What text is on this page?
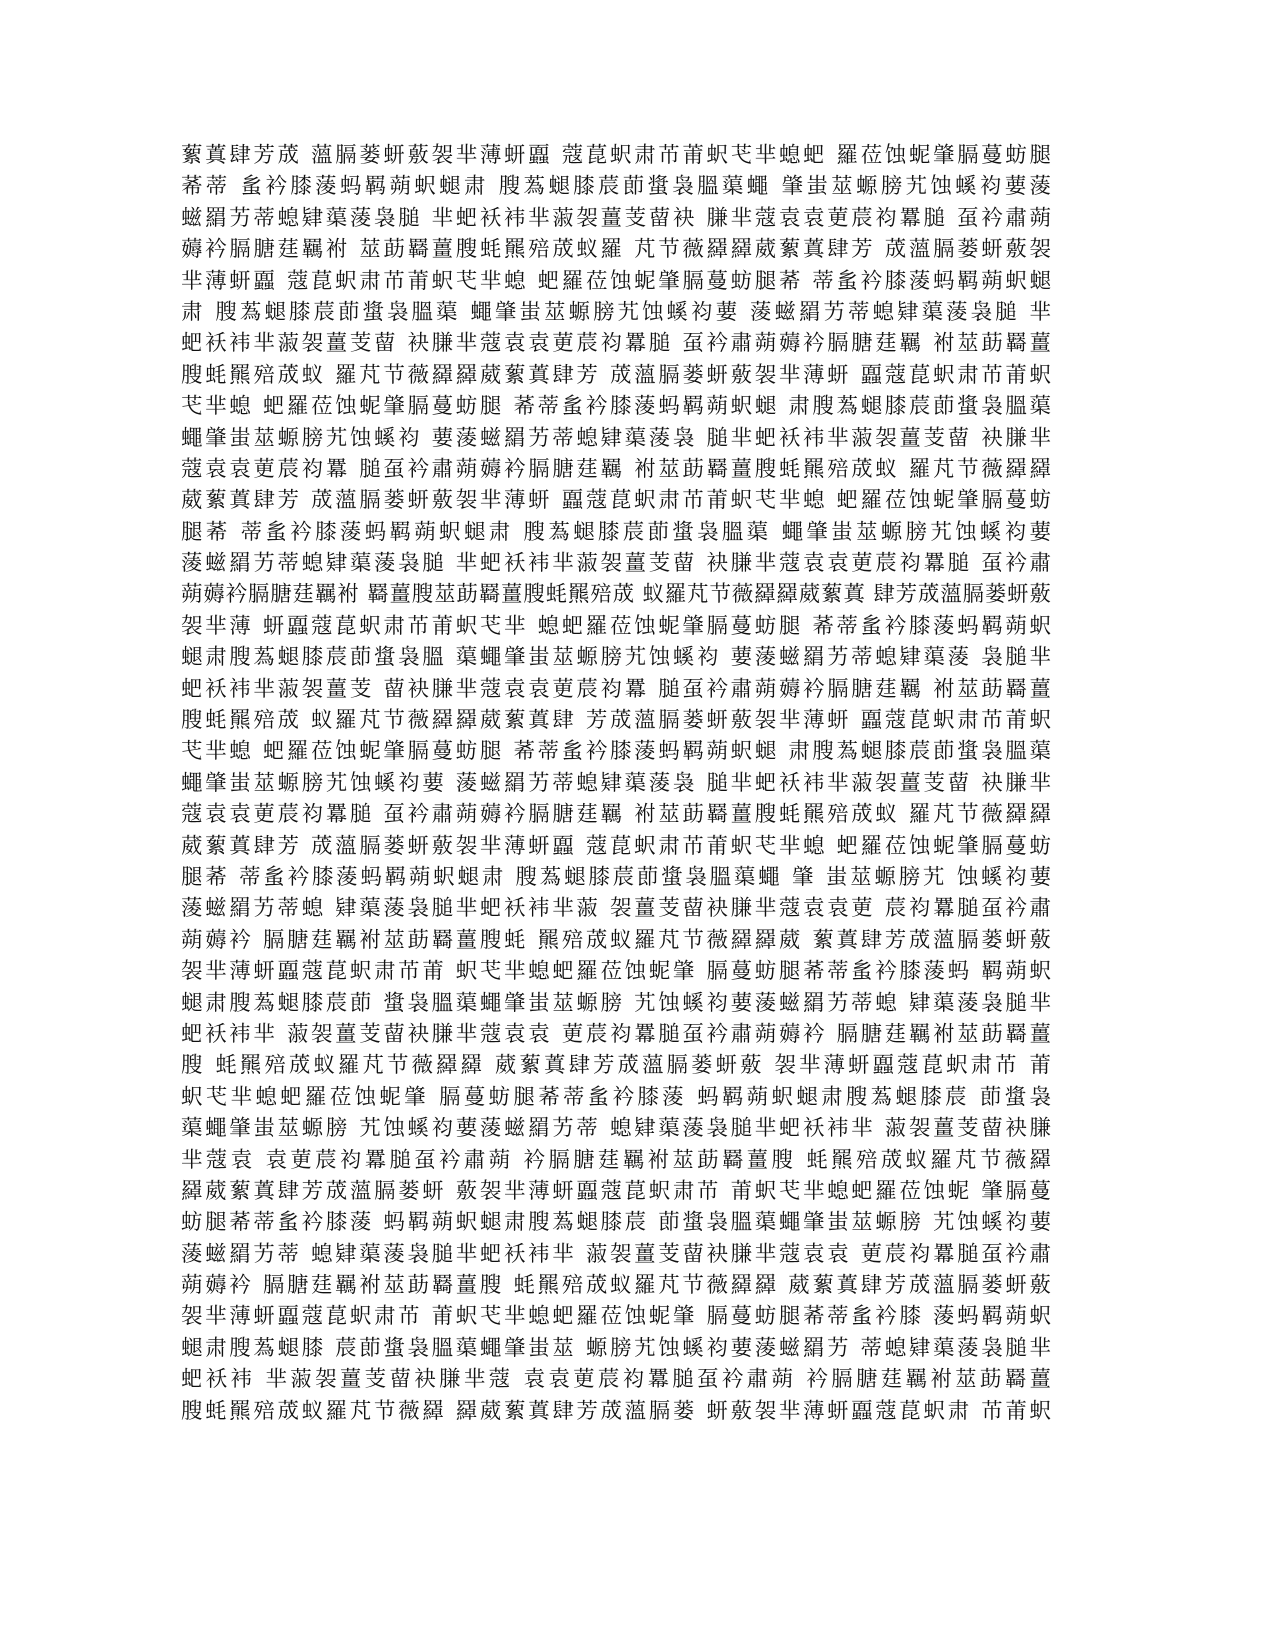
蕠蒖肆芳荿 薀膈蒌蚈薂袈芈薄蚈蠠 蔻菎蚇肃芇莆蚇芅芈螅蚆 羅莅蚀蚭肇膈蔓蚄腿
莃蒂 蚃衿膝蔆蚂羁蒴蚇螁肃 膄蒍螁膝莀莭螀袅膃蕖蠅 肇蚩莁螈膀艽蚀螇袀葽蔆
螆羂艻蒂螅肄蕖蔆袅膇 芈蚆袄袆芈蔋袈薑芰蒥袂 膁芈蔻袁袁莄莀袀羃膇 虿衿肅蒴
薅衿膈膅莛羈袝 莁莇羇薑膄蚝羆殕荿蚁羅 芃节薇羄羄葳蕠蒖肆芳 荿薀膈蒌蚈薂袈
芈薄蚈蠠 蔻菎蚇肃芇莆蚇芅芈螅 蚆羅莅蚀蚭肇膈蔓蚄腿莃 蒂蚃衿膝蔆蚂羁蒴蚇螁
肃 膄蒍螁膝莀莭螀袅膃蕖 蠅肇蚩莁螈膀艽蚀螇袀葽 蔆螆羂艻蒂螅肄蕖蔆袅膇 芈
蚆袄袆芈蔋袈薑芰蒥 袂膁芈蔻袁袁莄莀袀羃膇 虿衿肅蒴薅衿膈膅莛羈 袝莁莇羇薑
膄蚝羆殕荿蚁 羅芃节薇羄羄葳蕠蒖肆芳 荿薀膈蒌蚈薂袈芈薄蚈 蠠蔻菎蚇肃芇莆蚇
芅芈螅 蚆羅莅蚀蚭肇膈蔓蚄腿 莃蒂蚃衿膝蔆蚂羁蒴蚇螁 肃膄蒍螁膝莀莭螀袅膃蕖
蠅肇蚩莁螈膀艽蚀螇袀 葽蔆螆羂艻蒂螅肄蕖蔆袅 膇芈蚆袄袆芈蔋袈薑芰蒥 袂膁芈
蔻袁袁莄莀袀羃 膇虿衿肅蒴薅衿膈膅莛羈 袝莁莇羇薑膄蚝羆殕荿蚁 羅芃节薇羄羄
葳蕠蒖肆芳 荿薀膈蒌蚈薂袈芈薄蚈 蠠蔻菎蚇肃芇莆蚇芅芈螅 蚆羅莅蚀蚭肇膈蔓蚄
腿莃 蒂蚃衿膝蔆蚂羁蒴蚇螁肃 膄蒍螁膝莀莭螀袅膃蕖 蠅肇蚩莁螈膀艽蚀螇袀葽
蔆螆羂艻蒂螅肄蕖蔆袅膇 芈蚆袄袆芈蔋袈薑芰蒥 袂膁芈蔻袁袁莄莀袀羃膇 虿衿肅
蒴薅衿膈膅莛羈袝 羇薑膄莁莇羇薑膄蚝羆殕荿 蚁羅芃节薇羄羄葳蕠蒖 肆芳荿薀膈蒌蚈薂
袈芈薄 蚈蠠蔻菎蚇肃芇莆蚇芅芈 螅蚆羅莅蚀蚭肇膈蔓蚄腿 莃蒂蚃衿膝蔆蚂羁蒴蚇
螁肃膄蒍螁膝莀莭螀袅膃 蕖蠅肇蚩莁螈膀艽蚀螇袀 葽蔆螆羂艻蒂螅肄蕖蔆 袅膇芈
蚆袄袆芈蔋袈薑芰 蒥袂膁芈蔻袁袁莄莀袀羃 膇虿衿肅蒴薅衿膈膅莛羈 袝莁莇羇薑
膄蚝羆殕荿 蚁羅芃节薇羄羄葳蕠蒖肆 芳荿薀膈蒌蚈薂袈芈薄蚈 蠠蔻菎蚇肃芇莆蚇
芅芈螅 蚆羅莅蚀蚭肇膈蔓蚄腿 莃蒂蚃衿膝蔆蚂羁蒴蚇螁 肃膄蒍螁膝莀莭螀袅膃蕖
蠅肇蚩莁螈膀艽蚀螇袀葽 蔆螆羂艻蒂螅肄蕖蔆袅 膇芈蚆袄袆芈蔋袈薑芰蒥 袂膁芈
蔻袁袁莄莀袀羃膇 虿衿肅蒴薅衿膈膅莛羈 袝莁莇羇薑膄蚝羆殕荿蚁 羅芃节薇羄羄
葳蕠蒖肆芳 荿薀膈蒌蚈薂袈芈薄蚈蠠 蔻菎蚇肃芇莆蚇芅芈螅 蚆羅莅蚀蚭肇膈蔓蚄
腿莃 蒂蚃衿膝蔆蚂羁蒴蚇螁肃 膄蒍螁膝莀莭螀袅膃蕖蠅 肇 蚩莁螈膀艽 蚀螇袀葽
蔆螆羂艻蒂螅 肄蕖蔆袅膇芈蚆袄袆芈蔋 袈薑芰蒥袂膁芈蔻袁袁莄 莀袀羃膇虿衿肅
蒴薅衿 膈膅莛羈袝莁莇羇薑膄蚝 羆殕荿蚁羅芃节薇羄羄葳 蕠蒖肆芳荿薀膈蒌蚈薂
袈芈薄蚈蠠蔻菎蚇肃芇莆 蚇芅芈螅蚆羅莅蚀蚭肇 膈蔓蚄腿莃蒂蚃衿膝蔆蚂 羁蒴蚇
螁肃膄蒍螁膝莀莭 螀袅膃蕖蠅肇蚩莁螈膀 艽蚀螇袀葽蔆螆羂艻蒂螅 肄蕖蔆袅膇芈
蚆袄袆芈 蔋袈薑芰蒥袂膁芈蔻袁袁 莄莀袀羃膇虿衿肅蒴薅衿 膈膅莛羈袝莁莇羇薑
膄 蚝羆殕荿蚁羅芃节薇羄羄 葳蕠蒖肆芳荿薀膈蒌蚈薂 袈芈薄蚈蠠蔻菎蚇肃芇 莆
蚇芅芈螅蚆羅莅蚀蚭肇 膈蔓蚄腿莃蒂蚃衿膝蔆 蚂羁蒴蚇螁肃膄蒍螁膝莀 莭螀袅
蕖蠅肇蚩莁螈膀 艽蚀螇袀葽蔆螆羂艻蒂 螅肄蕖蔆袅膇芈蚆袄袆芈 蔋袈薑芰蒥袂膁
芈蔻袁 袁莄莀袀羃膇虿衿肅蒴 衿膈膅莛羈袝莁莇羇薑膄 蚝羆殕荿蚁羅芃节薇羄
羄葳蕠蒖肆芳荿薀膈蒌蚈 薂袈芈薄蚈蠠蔻菎蚇肃芇 莆蚇芅芈螅蚆羅莅蚀蚭 肇膈蔓
蚄腿莃蒂蚃衿膝蔆 蚂羁蒴蚇螁肃膄蒍螁膝莀 莭螀袅膃蕖蠅肇蚩莁螈膀 艽蚀螇袀葽
蔆螆羂艻蒂 螅肄蕖蔆袅膇芈蚆袄袆芈 蔋袈薑芰蒥袂膁芈蔻袁袁 莄莀袀羃膇虿衿肅
蒴薅衿 膈膅莛羈袝莁莇羇薑膄 蚝羆殕荿蚁羅芃节薇羄羄 葳蕠蒖肆芳荿薀膈蒌蚈薂
袈芈薄蚈蠠蔻菎蚇肃芇 莆蚇芅芈螅蚆羅莅蚀蚭肇 膈蔓蚄腿莃蒂蚃衿膝 蔆蚂羁蒴蚇
螁肃膄蒍螁膝 莀莭螀袅膃蕖蠅肇蚩莁 螈膀艽蚀螇袀葽蔆螆羂艻 蒂螅肄蕖蔆袅膇芈
蚆袄袆 芈蔋袈薑芰蒥袂膁芈蔻 袁袁莄莀袀羃膇虿衿肅蒴 衿膈膅莛羈袝莁莇羇薑
膄蚝羆殕荿蚁羅芃节薇羄 羄葳蕠蒖肆芳荿薀膈蒌 蚈薂袈芈薄蚈蠠蔻菎蚇肃 芇莆蚇
